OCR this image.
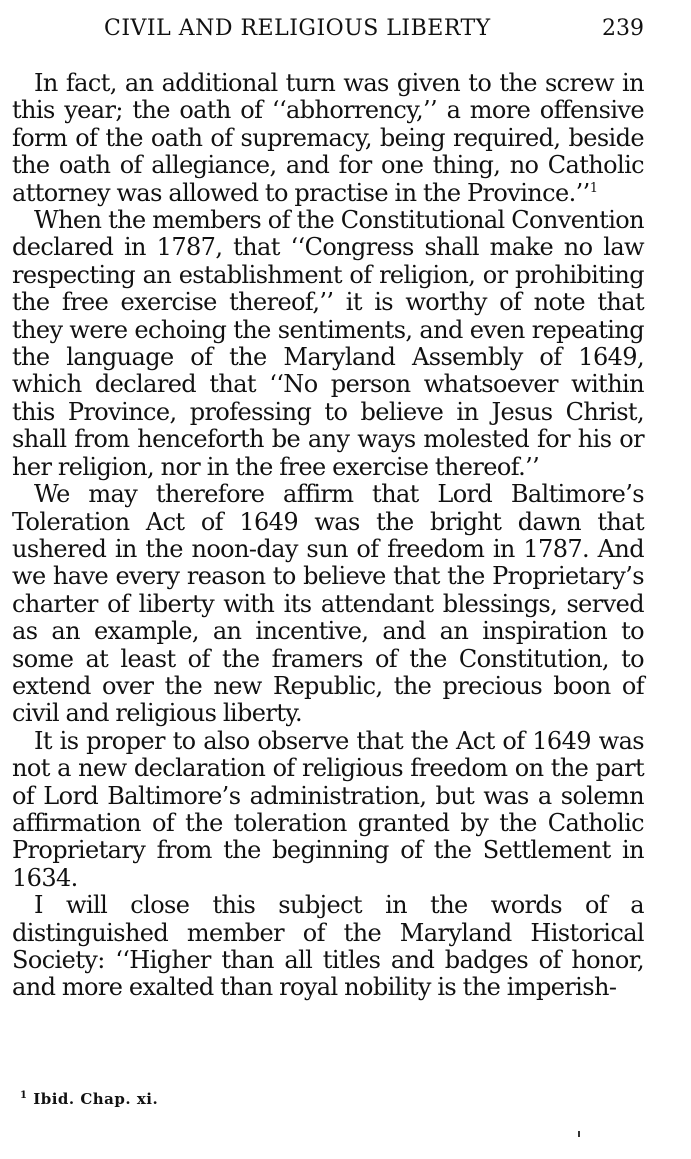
CIVIL AND RELIGIOUS LIBERTY	239

In fact, an additional turn was given to the screw in this year; the oath of ‘‘abhorrency,’’ a more offensive form of the oath of supremacy, being required, beside the oath of allegiance, and for one thing, no Catholic attorney was allowed to practise in the Province.’’$^1$

When the members of the Constitutional Convention declared in 1787, that ‘‘Congress shall make no law respecting an establishment of religion, or prohibiting the free exercise thereof,’’ it is worthy of note that they were echoing the sentiments, and even repeating the language of the Maryland Assembly of 1649, which declared that ‘‘No person whatsoever within this Province, professing to believe in Jesus Christ, shall from henceforth be any ways molested for his or her religion, nor in the free exercise thereof.’’

We may therefore affirm that Lord Baltimore’s Toleration Act of 1649 was the bright dawn that ushered in the noon-day sun of freedom in 1787. And we have every reason to believe that the Proprietary’s charter of liberty with its attendant blessings, served as an example, an incentive, and an inspiration to some at least of the framers of the Constitution, to extend over the new Republic, the precious boon of civil and religious liberty.

It is proper to also observe that the Act of 1649 was not a new declaration of religious freedom on the part of Lord Baltimore’s administration, but was a solemn affirmation of the toleration granted by the Catholic Proprietary from the beginning of the Settlement in 1634.

I will close this subject in the words of a distinguished member of the Maryland Historical Society: ‘‘Higher than all titles and badges of honor, and more exalted than royal nobility is the imperish-

$^1$ Ibid. Chap. xi.
